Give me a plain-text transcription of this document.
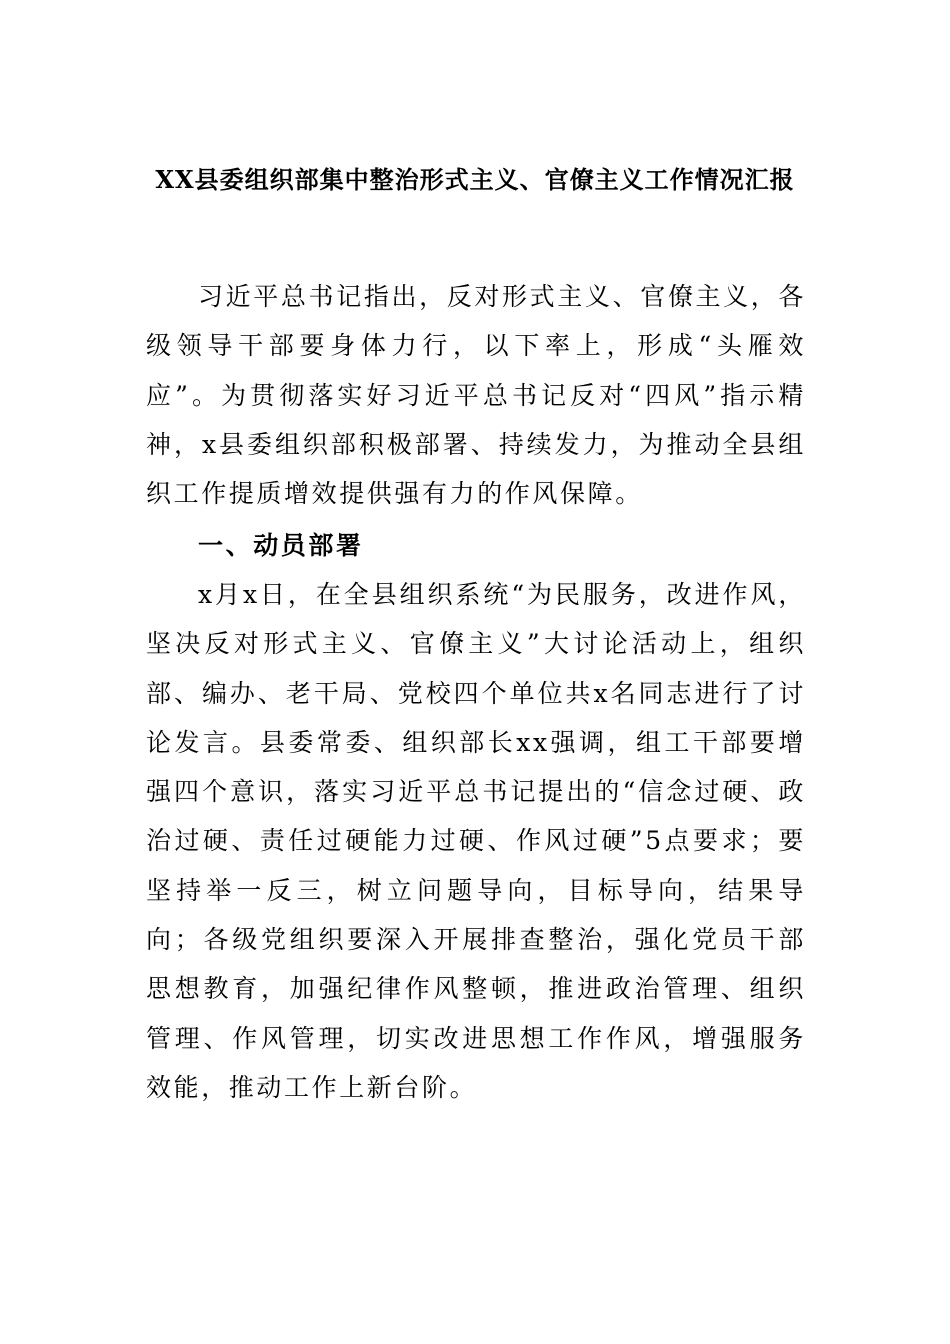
XX县委组织部集中整治形式主义、官僚主义工作情况汇报

习近平总书记指出，反对形式主义、官僚主义，各级领导干部要身体力行，以下率上，形成“头雁效应”。为贯彻落实好习近平总书记反对“四风”指示精神，x县委组织部积极部署、持续发力，为推动全县组织工作提质增效提供强有力的作风保障。

一、动员部署

x月x日，在全县组织系统“为民服务，改进作风，坚决反对形式主义、官僚主义”大讨论活动上，组织部、编办、老干局、党校四个单位共x名同志进行了讨论发言。县委常委、组织部长xx强调，组工干部要增强四个意识，落实习近平总书记提出的“信念过硬、政治过硬、责任过硬能力过硬、作风过硬”5点要求；要坚持举一反三，树立问题导向，目标导向，结果导向；各级党组织要深入开展排查整治，强化党员干部思想教育，加强纪律作风整顿，推进政治管理、组织管理、作风管理，切实改进思想工作作风，增强服务效能，推动工作上新台阶。
